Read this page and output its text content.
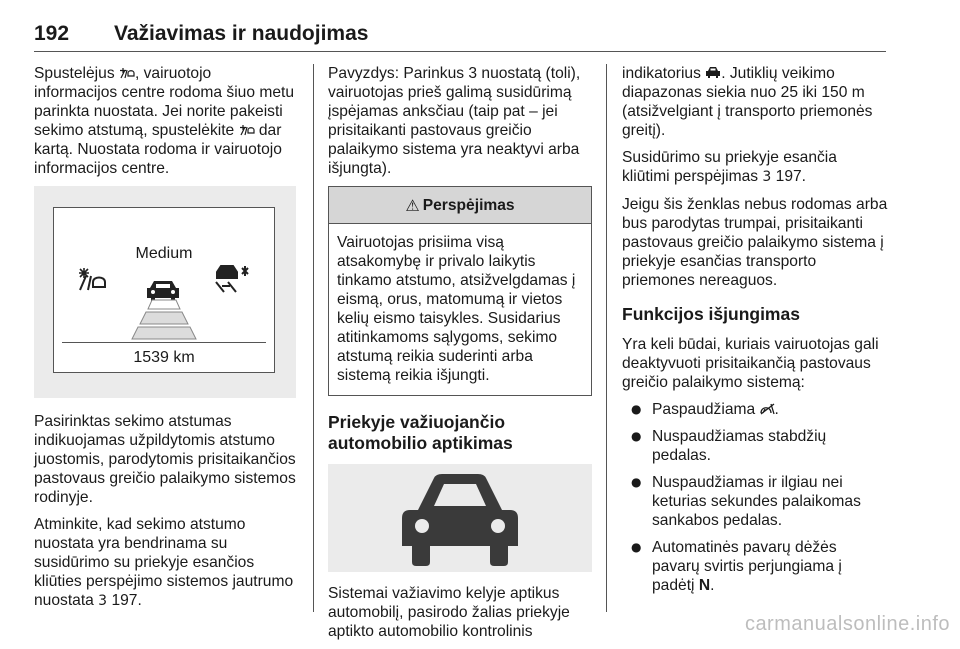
192 Važiavimas ir naudojimas

Spustelėjus , vairuotojo informacijos centre rodoma šiuo metu parinkta nuostata. Jei norite pakeisti sekimo atstumą, spustelėkite  dar kartą. Nuostata rodoma ir vairuotojo informacijos centre.

Medium
1539 km

Pasirinktas sekimo atstumas indikuojamas užpildytomis atstumo juostomis, parodytomis prisitaikančios pastovaus greičio palaikymo sistemos rodinyje.

Atminkite, kad sekimo atstumo nuostata yra bendrinama su susidūrimo su priekyje esančios kliūties perspėjimo sistemos jautrumo nuostata 3 197.

Pavyzdys: Parinkus 3 nuostatą (toli), vairuotojas prieš galimą susidūrimą įspėjamas anksčiau (taip pat – jei prisitaikanti pastovaus greičio palaikymo sistema yra neaktyvi arba išjungta).

⚠ Perspėjimas
Vairuotojas prisiima visą atsakomybę ir privalo laikytis tinkamo atstumo, atsižvelgdamas į eismą, orus, matomumą ir vietos kelių eismo taisykles. Susidarius atitinkamoms sąlygoms, sekimo atstumą reikia suderinti arba sistemą reikia išjungti.
Priekyje važiuojančio automobilio aptikimas

Sistemai važiavimo kelyje aptikus automobilį, pasirodo žalias priekyje aptikto automobilio kontrolinis

indikatorius . Jutiklių veikimo diapazonas siekia nuo 25 iki 150 m (atsižvelgiant į transporto priemonės greitį).

Susidūrimo su priekyje esančia kliūtimi perspėjimas 3 197.

Jeigu šis ženklas nebus rodomas arba bus parodytas trumpai, prisitaikanti pastovaus greičio palaikymo sistema į priekyje esančias transporto priemones nereaguos.

Funkcijos išjungimas

Yra keli būdai, kuriais vairuotojas gali deaktyvuoti prisitaikančią pastovaus greičio palaikymo sistemą:

● Paspaudžiama .
● Nuspaudžiamas stabdžių pedalas.
● Nuspaudžiamas ir ilgiau nei keturias sekundes palaikomas sankabos pedalas.
● Automatinės pavarų dėžės pavarų svirtis perjungiama į padėtį N.
carmanualsonline.info
